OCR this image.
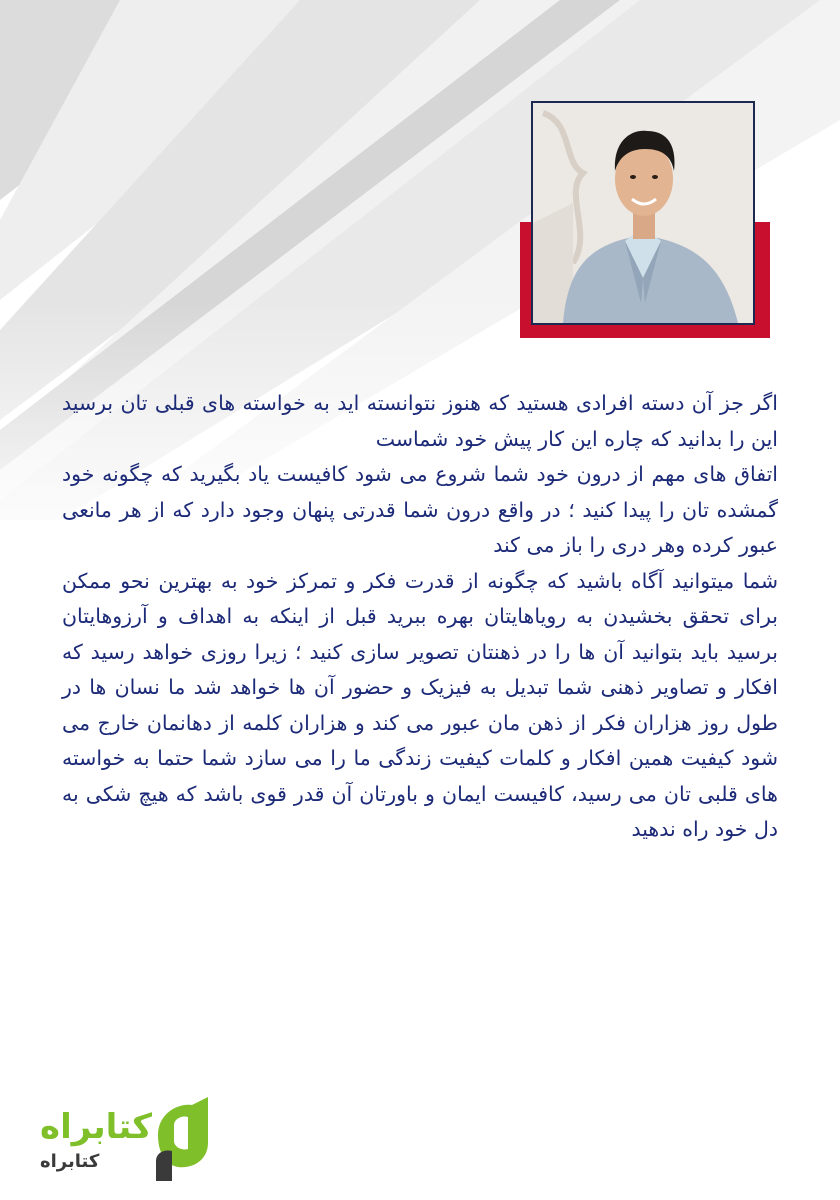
اگر جز آن دسته افرادی هستید که هنوز نتوانسته اید به خواسته های قبلی تان برسید این را بدانید که چاره این کار پیش خود شماست

اتفاق های مهم از درون خود شما شروع می شود کافیست یاد بگیرید که چگونه خود گمشده تان را پیدا کنید ؛ در واقع درون شما قدرتی پنهان وجود دارد که از هر مانعی عبور کرده وهر دری را باز می کند

شما میتوانید آگاه باشید که چگونه از قدرت فکر و تمرکز خود به بهترین نحو ممکن برای تحقق بخشیدن به رویاهایتان بهره ببرید قبل از اینکه به اهداف و آرزوهایتان برسید باید بتوانید آن ها را در ذهنتان تصویر سازی کنید ؛ زیرا روزی خواهد رسید که افکار و تصاویر ذهنی شما تبدیل به فیزیک و حضور آن ها خواهد شد ما نسان ها در طول روز هزاران فکر از ذهن مان عبور می کند و هزاران کلمه از دهانمان خارج می شود کیفیت همین افکار و کلمات کیفیت زندگی ما را می سازد شما حتما به خواسته های قلبی تان می رسید، کافیست ایمان و باورتان آن قدر قوی باشد که هیچ شکی به دل خود راه ندهید

کتابراه
کتابراه
